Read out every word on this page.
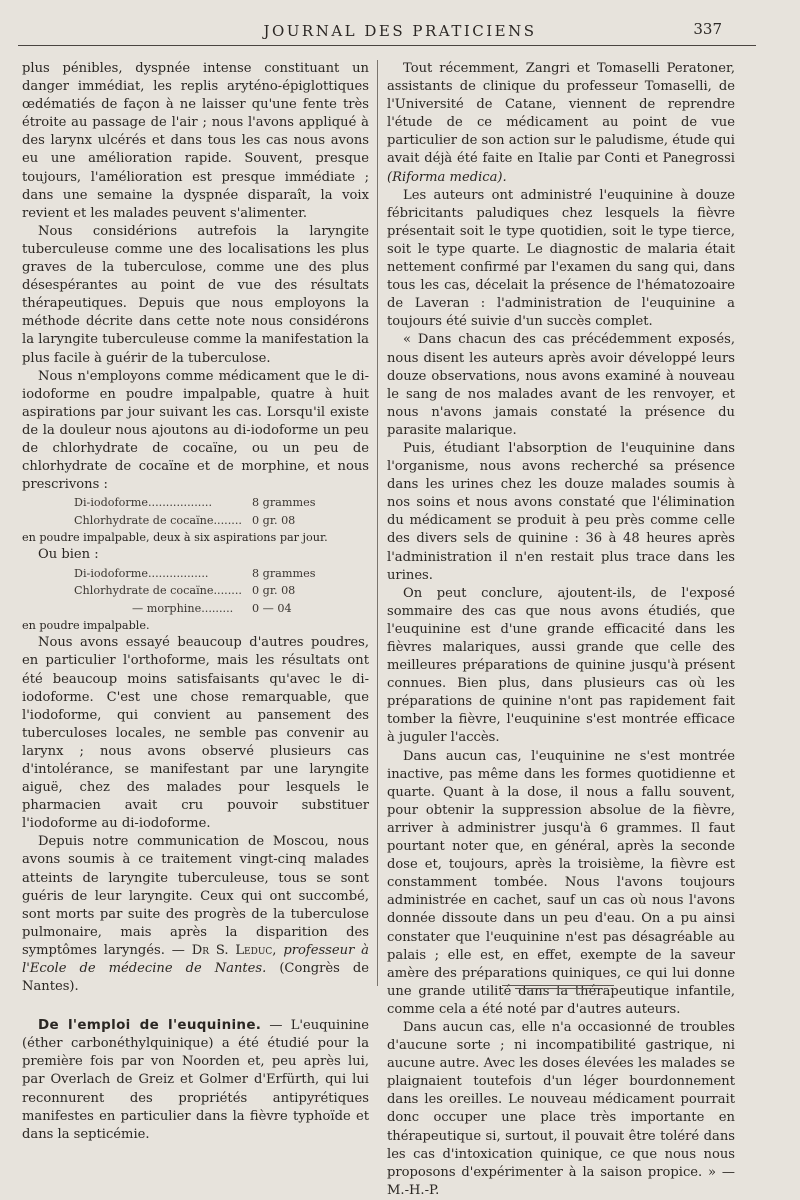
JOURNAL DES PRATICIENS	337

plus pénibles, dyspnée intense constituant un danger immédiat, les replis aryténo-épiglottiques œdématiés de façon à ne laisser qu'une fente très étroite au passage de l'air ; nous l'avons appliqué à des larynx ulcérés et dans tous les cas nous avons eu une amélioration rapide. Souvent, presque toujours, l'amélioration est presque immédiate ; dans une semaine la dyspnée disparaît, la voix revient et les malades peuvent s'alimenter.

Nous considérions autrefois la laryngite tuberculeuse comme une des localisations les plus graves de la tuberculose, comme une des plus désespérantes au point de vue des résultats thérapeutiques. Depuis que nous employons la méthode décrite dans cette note nous considérons la laryngite tuberculeuse comme la manifestation la plus facile à guérir de la tuberculose.

Nous n'employons comme médicament que le di-iodoforme en poudre impalpable, quatre à huit aspirations par jour suivant les cas. Lorsqu'il existe de la douleur nous ajoutons au di-iodoforme un peu de chlorhydrate de cocaïne, ou un peu de chlorhydrate de cocaïne et de morphine, et nous prescrivons :

Di-iodoforme..................	8 grammes
Chlorhydrate de cocaïne........ 0 gr. 08

en poudre impalpable, deux à six aspirations par jour.

Ou bien :

Di-iodoforme.................	8 grammes
Chlorhydrate de cocaïne........ 0 gr. 08
— morphine.........	0 — 04

en poudre impalpable.

Nous avons essayé beaucoup d'autres poudres, en particulier l'orthoforme, mais les résultats ont été beaucoup moins satisfaisants qu'avec le di-iodoforme. C'est une chose remarquable, que l'iodoforme, qui convient au pansement des tuberculoses locales, ne semble pas convenir au larynx ; nous avons observé plusieurs cas d'intolérance, se manifestant par une laryngite aiguë, chez des malades pour lesquels le pharmacien avait cru pouvoir substituer l'iodoforme au di-iodoforme.

Depuis notre communication de Moscou, nous avons soumis à ce traitement vingt-cinq malades atteints de laryngite tuberculeuse, tous se sont guéris de leur laryngite. Ceux qui ont succombé, sont morts par suite des progrès de la tuberculose pulmonaire, mais après la disparition des symptômes laryngés. — Dr S. Leduc, professeur à l'Ecole de médecine de Nantes. (Congrès de Nantes).

De l'emploi de l'euquinine. — L'euquinine (éther carbonéthylquinique) a été étudié pour la première fois par von Noorden et, peu après lui, par Overlach de Greiz et Golmer d'Erfürth, qui lui reconnurent des propriétés antipyrétiques manifestes en particulier dans la fièvre typhoïde et dans la septicémie.

Tout récemment, Zangri et Tomaselli Peratoner, assistants de clinique du professeur Tomaselli, de l'Université de Catane, viennent de reprendre l'étude de ce médicament au point de vue particulier de son action sur le paludisme, étude qui avait déjà été faite en Italie par Conti et Panegrossi (Riforma medica).

Les auteurs ont administré l'euquinine à douze fébricitants paludiques chez lesquels la fièvre présentait soit le type quotidien, soit le type tierce, soit le type quarte. Le diagnostic de malaria était nettement confirmé par l'examen du sang qui, dans tous les cas, décelait la présence de l'hématozoaire de Laveran : l'administration de l'euquinine a toujours été suivie d'un succès complet.

« Dans chacun des cas précédemment exposés, nous disent les auteurs après avoir développé leurs douze observations, nous avons examiné à nouveau le sang de nos malades avant de les renvoyer, et nous n'avons jamais constaté la présence du parasite malarique.

Puis, étudiant l'absorption de l'euquinine dans l'organisme, nous avons recherché sa présence dans les urines chez les douze malades soumis à nos soins et nous avons constaté que l'élimination du médicament se produit à peu près comme celle des divers sels de quinine : 36 à 48 heures après l'administration il n'en restait plus trace dans les urines.

On peut conclure, ajoutent-ils, de l'exposé sommaire des cas que nous avons étudiés, que l'euquinine est d'une grande efficacité dans les fièvres malariques, aussi grande que celle des meilleures préparations de quinine jusqu'à présent connues. Bien plus, dans plusieurs cas où les préparations de quinine n'ont pas rapidement fait tomber la fièvre, l'euquinine s'est montrée efficace à juguler l'accès.

Dans aucun cas, l'euquinine ne s'est montrée inactive, pas même dans les formes quotidienne et quarte. Quant à la dose, il nous a fallu souvent, pour obtenir la suppression absolue de la fièvre, arriver à administrer jusqu'à 6 grammes. Il faut pourtant noter que, en général, après la seconde dose et, toujours, après la troisième, la fièvre est constamment tombée. Nous l'avons toujours administrée en cachet, sauf un cas où nous l'avons donnée dissoute dans un peu d'eau. On a pu ainsi constater que l'euquinine n'est pas désagréable au palais ; elle est, en effet, exempte de la saveur amère des préparations quiniques, ce qui lui donne une grande utilité dans la thérapeutique infantile, comme cela a été noté par d'autres auteurs.

Dans aucun cas, elle n'a occasionné de troubles d'aucune sorte ; ni incompatibilité gastrique, ni aucune autre. Avec les doses élevées les malades se plaignaient toutefois d'un léger bourdonnement dans les oreilles. Le nouveau médicament pourrait donc occuper une place très importante en thérapeutique si, surtout, il pouvait être toléré dans les cas d'intoxication quinique, ce que nous nous proposons d'expérimenter à la saison propice. » — M.-H.-P.
